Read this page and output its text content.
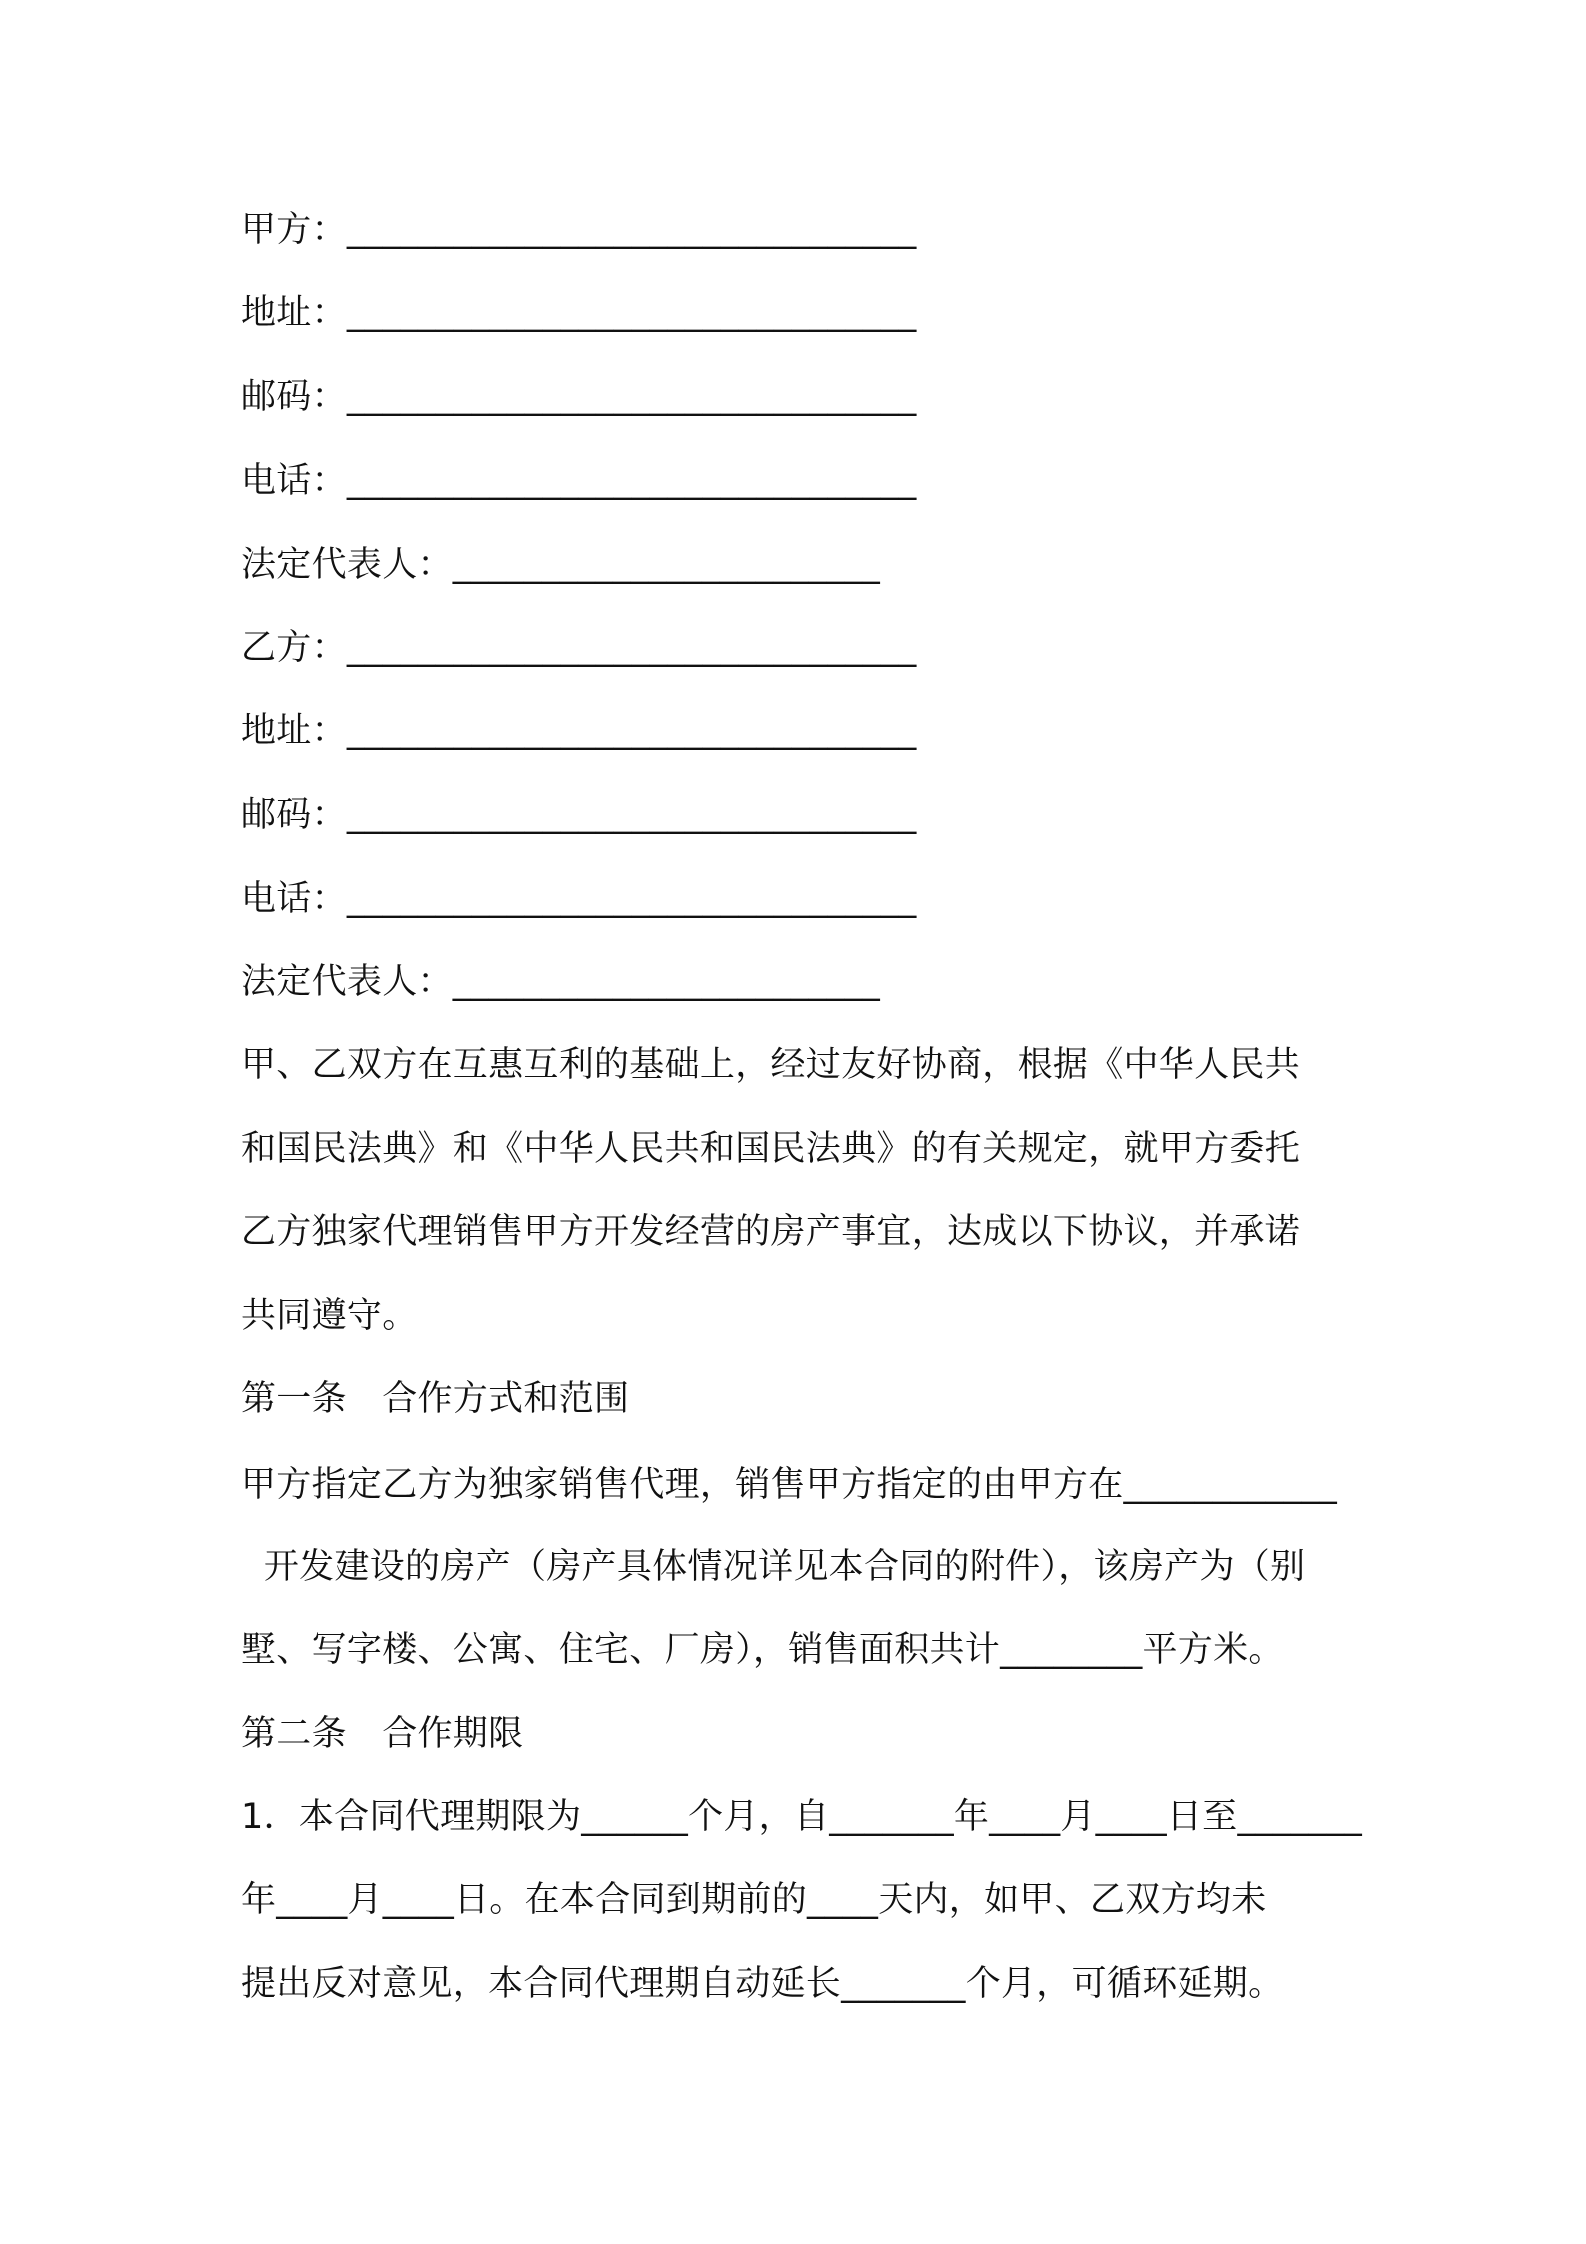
甲方：________________________________

地址：________________________________

邮码：________________________________

电话：________________________________

法定代表人：________________________

乙方：________________________________

地址：________________________________

邮码：________________________________

电话：________________________________

法定代表人：________________________

甲、乙双方在互惠互利的基础上，经过友好协商，根据《中华人民共

和国民法典》和《中华人民共和国民法典》的有关规定，就甲方委托

乙方独家代理销售甲方开发经营的房产事宜，达成以下协议，并承诺

共同遵守。

第一条　合作方式和范围

甲方指定乙方为独家销售代理，销售甲方指定的由甲方在____________

开发建设的房产（房产具体情况详见本合同的附件），该房产为（别

墅、写字楼、公寓、住宅、厂房），销售面积共计________平方米。

第二条　合作期限

1．本合同代理期限为______个月，自_______年____月____日至_______

年____月____日。在本合同到期前的____天内，如甲、乙双方均未

提出反对意见，本合同代理期自动延长_______个月，可循环延期。
